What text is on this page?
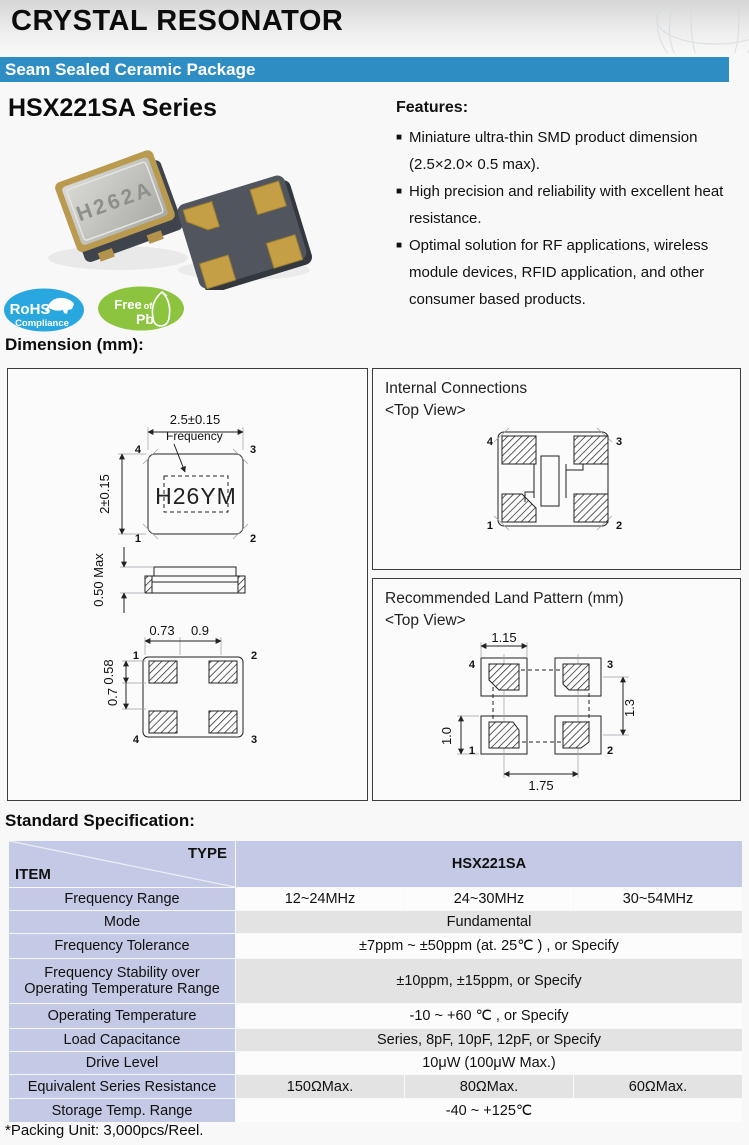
CRYSTAL RESONATOR
Seam Sealed Ceramic Package
HSX221SA Series	Features:
■ Miniature ultra-thin SMD product dimension (2.5×2.0× 0.5 max).
■ High precision and reliability with excellent heat resistance.
■ Optimal solution for RF applications, wireless module devices, RFID application, and other consumer based products.
H262A
RoHS
Compliance
Free of
Pb
Dimension (mm):
H26YM
Frequency
2.5±0.15
2±0.15
4	3
1	2
0.50 Max
0.73 0.9
0.58
0.7
1	2
4	3
Internal Connections
<Top View>
4	3
1	2
Recommended Land Pattern (mm)
<Top View>
1.15
1.3
1.0
1.75
4	3
1	2
Standard Specification:
TYPE
ITEM	HSX221SA		
Frequency Range	12~24MHz	24~30MHz	30~54MHz
Mode	Fundamental		
Frequency Tolerance	±7ppm ~ ±50ppm (at. 25℃ ) , or Specify		
Frequency Stability over Operating Temperature Range	±10ppm, ±15ppm, or Specify		
Operating Temperature	-10 ~ +60 ℃ , or Specify		
Load Capacitance	Series, 8pF, 10pF, 12pF, or Specify		
Drive Level	10μW (100μW Max.)		
Equivalent Series Resistance	150ΩMax.	80ΩMax.	60ΩMax.
Storage Temp. Range	-40 ~ +125℃		
*Packing Unit: 3,000pcs/Reel.
